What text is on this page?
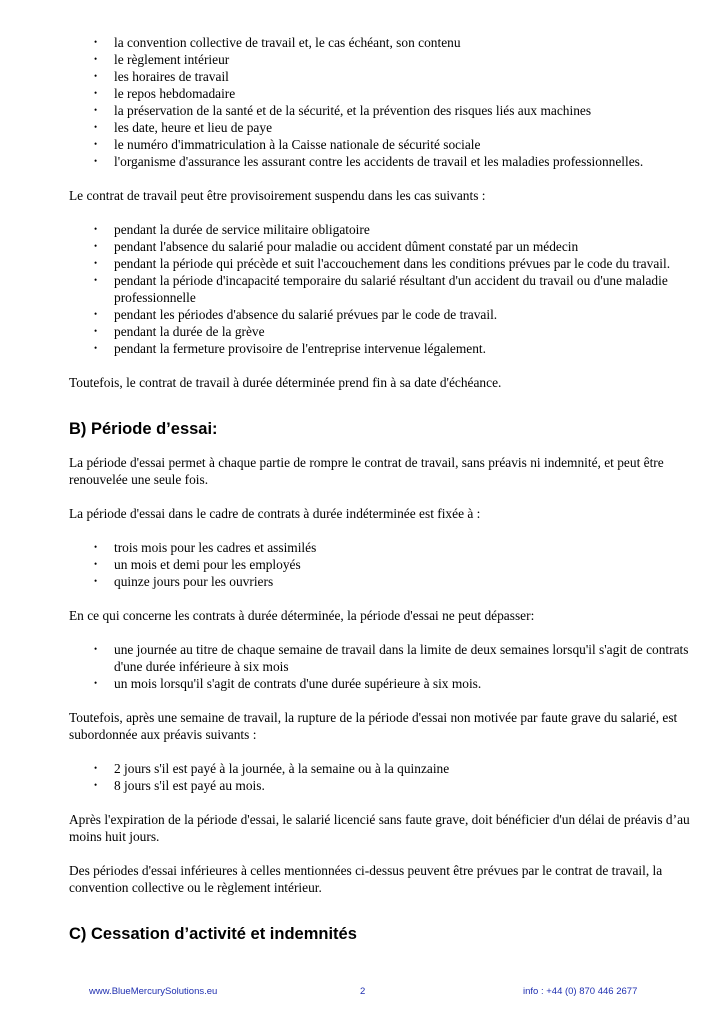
• la convention collective de travail et, le cas échéant, son contenu
• le règlement intérieur
• les horaires de travail
• le repos hebdomadaire
• la préservation de la santé et de la sécurité, et la prévention des risques liés aux machines
• les date, heure et lieu de paye
• le numéro d'immatriculation à la Caisse nationale de sécurité sociale
• l'organisme d'assurance les assurant contre les accidents de travail et les maladies professionnelles.

Le contrat de travail peut être provisoirement suspendu dans les cas suivants :

• pendant la durée de service militaire obligatoire
• pendant l'absence du salarié pour maladie ou accident dûment constaté par un médecin
• pendant la période qui précède et suit l'accouchement dans les conditions prévues par le code du travail.
• pendant la période d'incapacité temporaire du salarié résultant d'un accident du travail ou d'une maladie professionnelle
• pendant les périodes d'absence du salarié prévues par le code de travail.
• pendant la durée de la grève
• pendant la fermeture provisoire de l'entreprise intervenue légalement.

Toutefois, le contrat de travail à durée déterminée prend fin à sa date d'échéance.

B) Période d’essai:

La période d'essai permet à chaque partie de rompre le contrat de travail, sans préavis ni indemnité, et peut être renouvelée une seule fois.

La période d'essai dans le cadre de contrats à durée indéterminée est fixée à :

• trois mois pour les cadres et assimilés
• un mois et demi pour les employés
• quinze jours pour les ouvriers

En ce qui concerne les contrats à durée déterminée, la période d'essai ne peut dépasser:

• une journée au titre de chaque semaine de travail dans la limite de deux semaines lorsqu'il s'agit de contrats d'une durée inférieure à six mois
• un mois lorsqu'il s'agit de contrats d'une durée supérieure à six mois.

Toutefois, après une semaine de travail, la rupture de la période d'essai non motivée par faute grave du salarié, est subordonnée aux préavis suivants :

• 2 jours s'il est payé à la journée, à la semaine ou à la quinzaine
• 8 jours s'il est payé au mois.

Après l'expiration de la période d'essai, le salarié licencié sans faute grave, doit bénéficier d'un délai de préavis d’au moins huit jours.

Des périodes d'essai inférieures à celles mentionnées ci-dessus peuvent être prévues par le contrat de travail, la convention collective ou le règlement intérieur.

C) Cessation d’activité et indemnités
www.BlueMercurySolutions.eu	2	info : +44 (0) 870 446 2677
